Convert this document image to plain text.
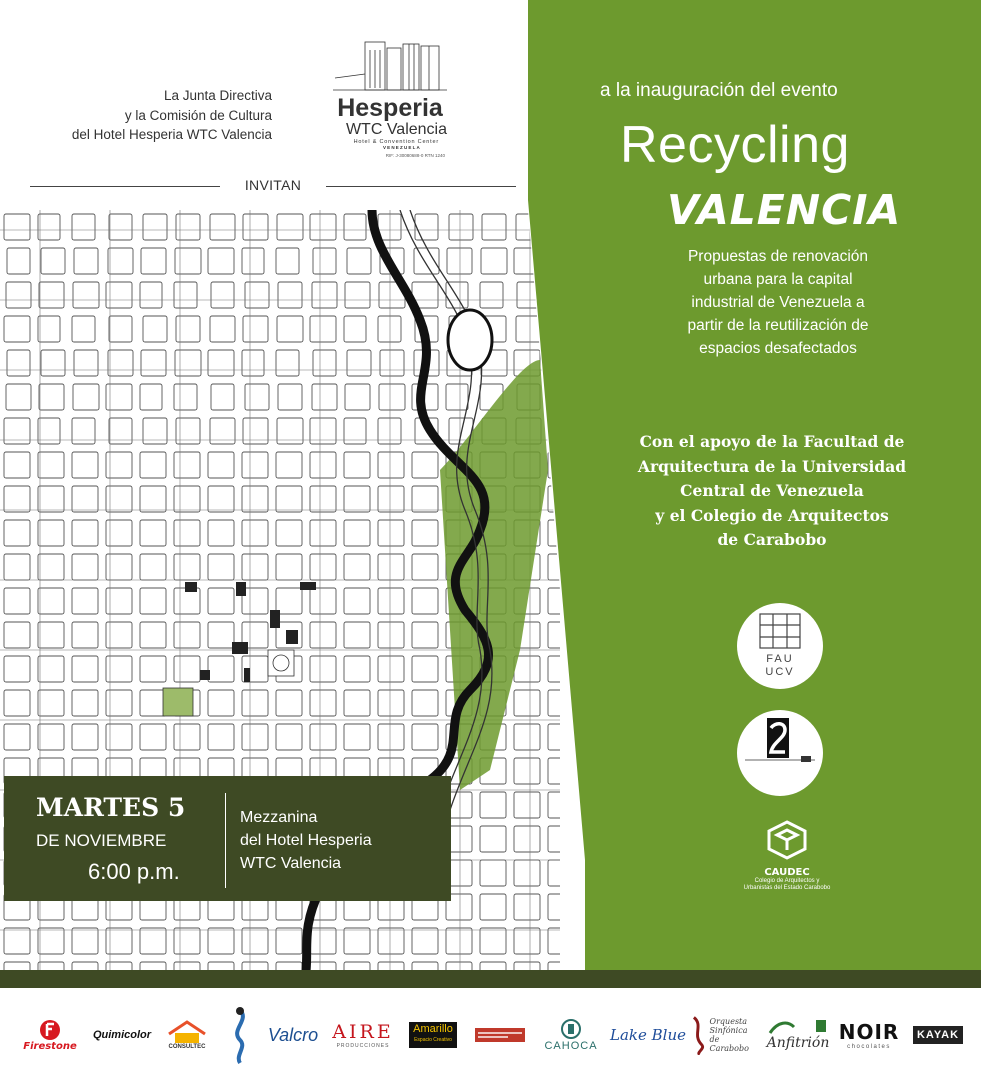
La Junta Directiva
y la Comisión de Cultura
del Hotel Hesperia WTC Valencia
Hesperia
WTC Valencia
Hotel & Convention Center
VENEZUELA
RIF: J-30080688-0 RTN 1240
INVITAN
a la inauguración del evento
Recycling
VALENCIA
Propuestas de renovación
urbana para la capital
industrial de Venezuela a
partir de la reutilización de
espacios desafectados
Con el apoyo de la Facultad de
Arquitectura de la Universidad
Central de Venezuela
y el Colegio de Arquitectos
de Carabobo
FAU
UCV
CAUDEC
Colegio de Arquitectos y
Urbanistas del Estado Carabobo
MARTES 5
DE NOVIEMBRE
6:00 p.m.
Mezzanina
del Hotel Hesperia
WTC Valencia
Firestone
Quimicolor
CONSULTEC
Valcro AIRE
PRODUCCIONES
Amarillo
Espacio Creativo	CAHOCA
Lake Blue
Orquesta
Sinfónica
de Carabobo	Anfitrión NOIR
chocolates
KAYAK
